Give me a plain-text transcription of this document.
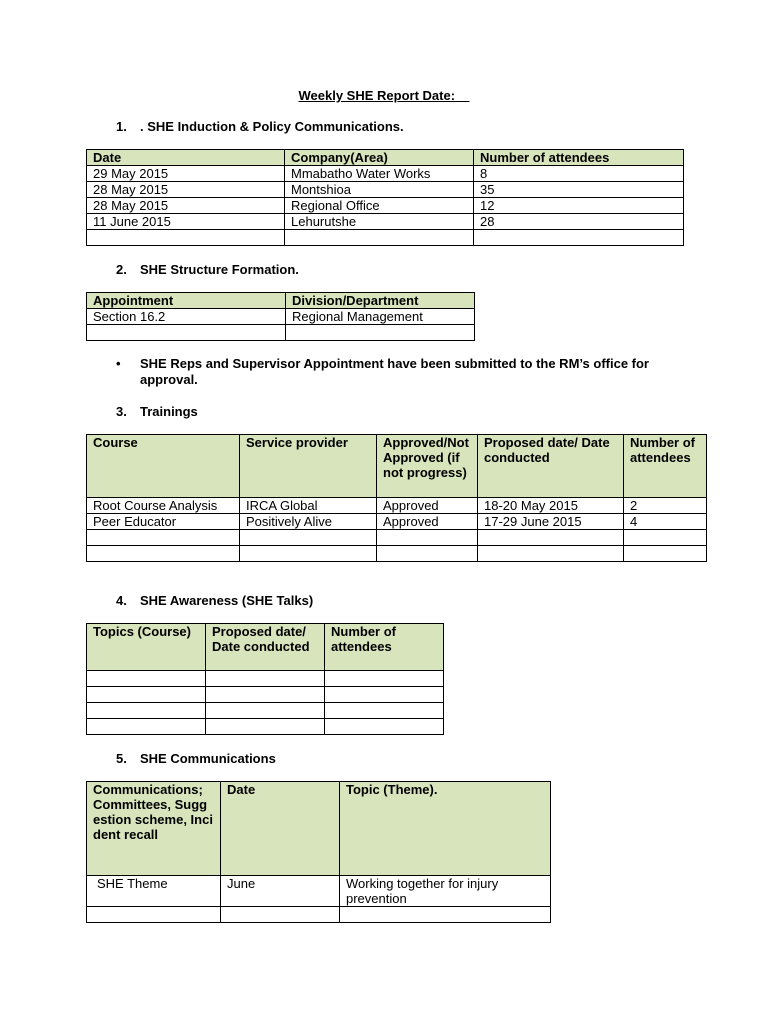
Weekly SHE Report Date:
1. . SHE Induction & Policy Communications.
Date	Company(Area)	Number of attendees
29 May 2015	Mmabatho Water Works	8
28 May 2015	Montshioa	35
28 May 2015	Regional Office	12
11 June 2015	Lehurutshe	28

2. SHE Structure Formation.
Appointment	Division/Department
Section 16.2	Regional Management

• SHE Reps and Supervisor Appointment have been submitted to the RM’s office for approval.
3. Trainings
Course	Service provider	Approved/Not Approved (if not progress)	Proposed date/ Date conducted	Number of attendees
Root Course Analysis	IRCA Global	Approved	18-20 May 2015	2
Peer Educator	Positively Alive	Approved	17-29 June 2015	4

4. SHE Awareness (SHE Talks)
Topics (Course)	Proposed date/ Date conducted	Number of attendees

5. SHE Communications
Communications; Committees, Suggestion scheme, Incident recall	Date	Topic (Theme).
SHE Theme	June	Working together for injury prevention
